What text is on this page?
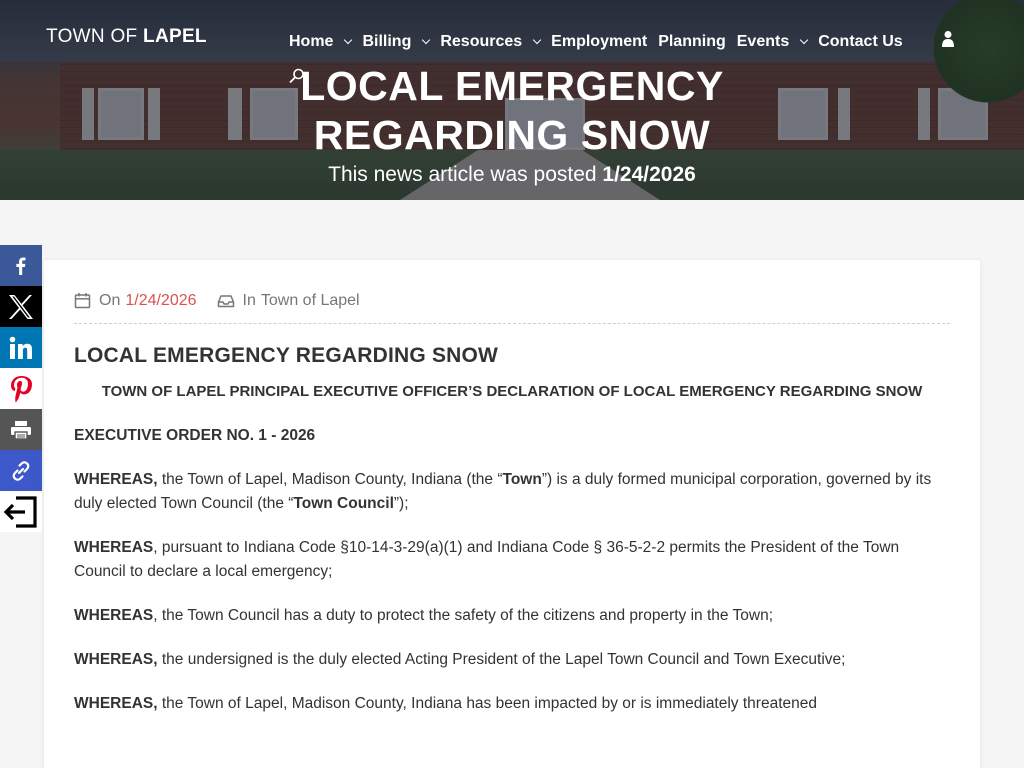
TOWN OF LAPEL	Home Billing Resources Employment Planning Events Contact Us
LOCAL EMERGENCY
REGARDING SNOW
This news article was posted 1/24/2026
On 1/24/2026	In Town of Lapel
LOCAL EMERGENCY REGARDING SNOW
TOWN OF LAPEL PRINCIPAL EXECUTIVE OFFICER’S DECLARATION OF LOCAL EMERGENCY REGARDING SNOW

EXECUTIVE ORDER NO. 1 - 2026

WHEREAS, the Town of Lapel, Madison County, Indiana (the “Town”) is a duly formed municipal corporation, governed by its duly elected Town Council (the “Town Council”);

WHEREAS, pursuant to Indiana Code §10-14-3-29(a)(1) and Indiana Code § 36-5-2-2 permits the President of the Town Council to declare a local emergency;

WHEREAS, the Town Council has a duty to protect the safety of the citizens and property in the Town;

WHEREAS, the undersigned is the duly elected Acting President of the Lapel Town Council and Town Executive;

WHEREAS, the Town of Lapel, Madison County, Indiana has been impacted by or is immediately threatened
